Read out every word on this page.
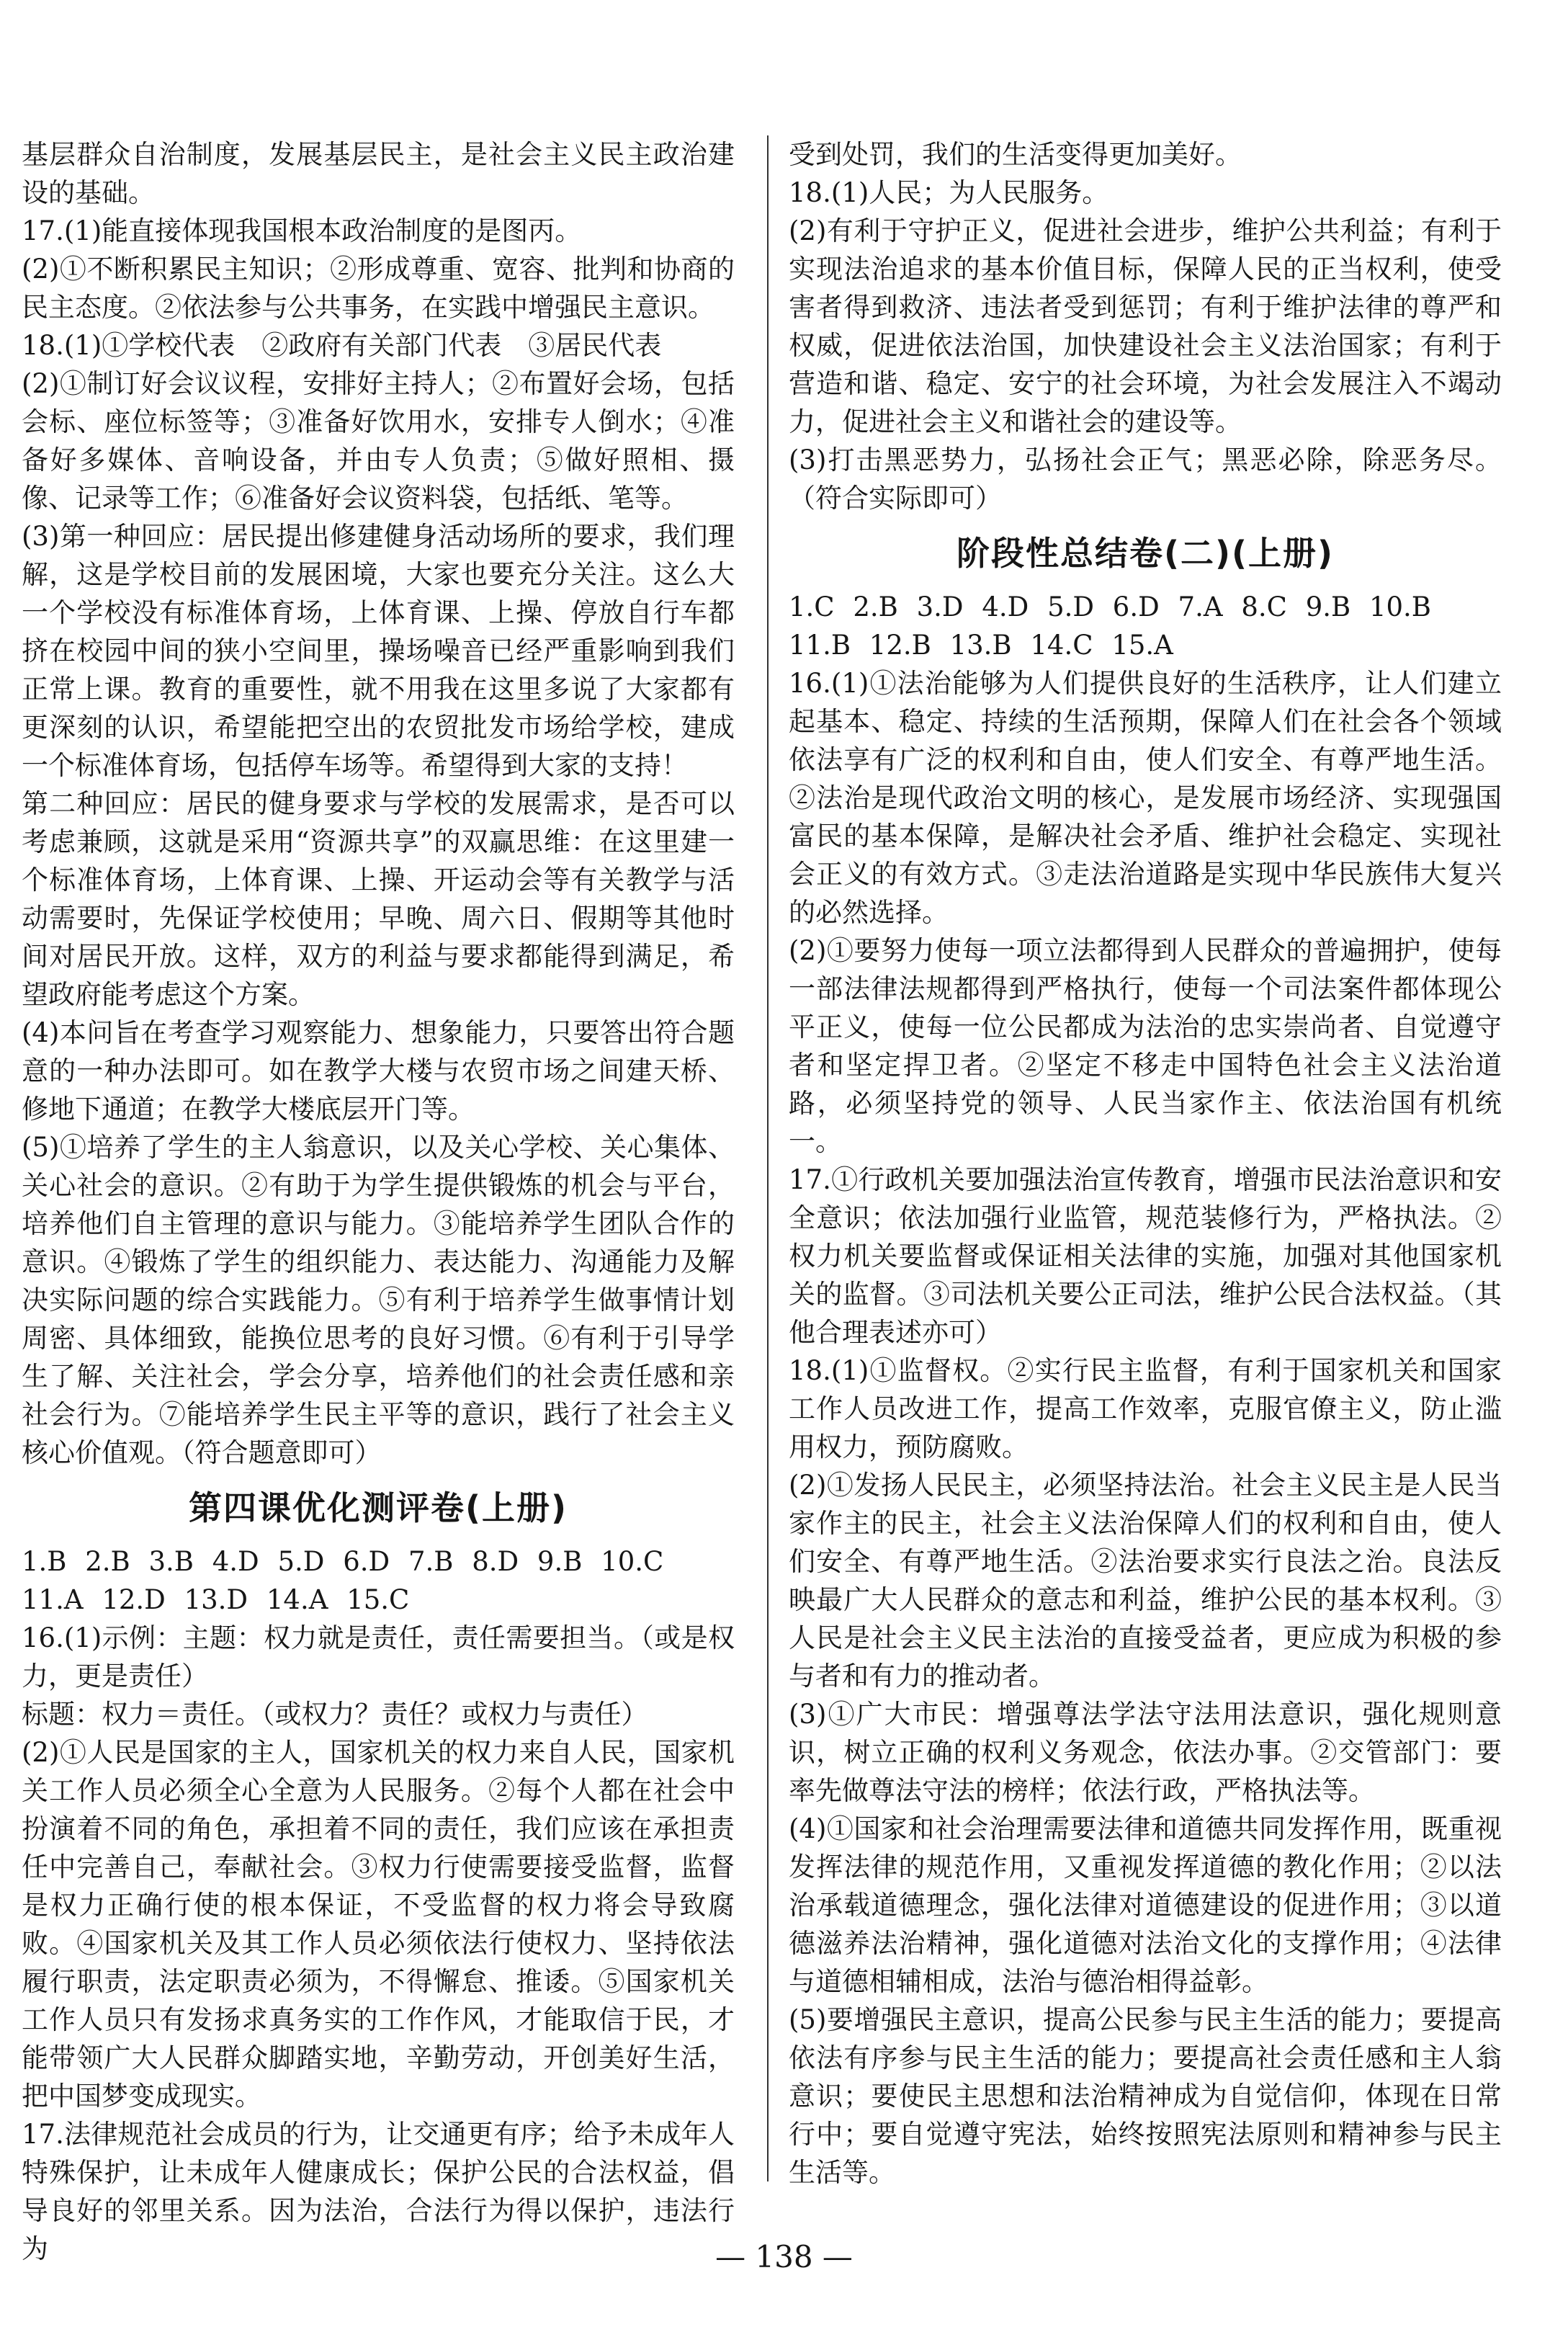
基层群众自治制度，发展基层民主，是社会主义民主政治建设的基础。
17.(1)能直接体现我国根本政治制度的是图丙。
(2)①不断积累民主知识；②形成尊重、宽容、批判和协商的民主态度。②依法参与公共事务，在实践中增强民主意识。
18.(1)①学校代表　②政府有关部门代表　③居民代表
(2)①制订好会议议程，安排好主持人；②布置好会场，包括会标、座位标签等；③准备好饮用水，安排专人倒水；④准备好多媒体、音响设备，并由专人负责；⑤做好照相、摄像、记录等工作；⑥准备好会议资料袋，包括纸、笔等。
(3)第一种回应：居民提出修建健身活动场所的要求，我们理解，这是学校目前的发展困境，大家也要充分关注。这么大一个学校没有标准体育场，上体育课、上操、停放自行车都挤在校园中间的狭小空间里，操场噪音已经严重影响到我们正常上课。教育的重要性，就不用我在这里多说了大家都有更深刻的认识，希望能把空出的农贸批发市场给学校，建成一个标准体育场，包括停车场等。希望得到大家的支持！
第二种回应：居民的健身要求与学校的发展需求，是否可以考虑兼顾，这就是采用“资源共享”的双赢思维：在这里建一个标准体育场，上体育课、上操、开运动会等有关教学与活动需要时，先保证学校使用；早晚、周六日、假期等其他时间对居民开放。这样，双方的利益与要求都能得到满足，希望政府能考虑这个方案。
(4)本问旨在考查学习观察能力、想象能力，只要答出符合题意的一种办法即可。如在教学大楼与农贸市场之间建天桥、修地下通道；在教学大楼底层开门等。
(5)①培养了学生的主人翁意识，以及关心学校、关心集体、关心社会的意识。②有助于为学生提供锻炼的机会与平台，培养他们自主管理的意识与能力。③能培养学生团队合作的意识。④锻炼了学生的组织能力、表达能力、沟通能力及解决实际问题的综合实践能力。⑤有利于培养学生做事情计划周密、具体细致，能换位思考的良好习惯。⑥有利于引导学生了解、关注社会，学会分享，培养他们的社会责任感和亲社会行为。⑦能培养学生民主平等的意识，践行了社会主义核心价值观。（符合题意即可）
第四课优化测评卷(上册)
1.B 2.B 3.B 4.D 5.D 6.D 7.B 8.D 9.B 10.C
11.A 12.D 13.D 14.A 15.C
16.(1)示例：主题：权力就是责任，责任需要担当。（或是权力，更是责任）
标题：权力＝责任。（或权力？责任？或权力与责任）
(2)①人民是国家的主人，国家机关的权力来自人民，国家机关工作人员必须全心全意为人民服务。②每个人都在社会中扮演着不同的角色，承担着不同的责任，我们应该在承担责任中完善自己，奉献社会。③权力行使需要接受监督，监督是权力正确行使的根本保证，不受监督的权力将会导致腐败。④国家机关及其工作人员必须依法行使权力、坚持依法履行职责，法定职责必须为，不得懈怠、推诿。⑤国家机关工作人员只有发扬求真务实的工作作风，才能取信于民，才能带领广大人民群众脚踏实地，辛勤劳动，开创美好生活，把中国梦变成现实。
17.法律规范社会成员的行为，让交通更有序；给予未成年人特殊保护，让未成年人健康成长；保护公民的合法权益，倡导良好的邻里关系。因为法治，合法行为得以保护，违法行为
受到处罚，我们的生活变得更加美好。
18.(1)人民；为人民服务。
(2)有利于守护正义，促进社会进步，维护公共利益；有利于实现法治追求的基本价值目标，保障人民的正当权利，使受害者得到救济、违法者受到惩罚；有利于维护法律的尊严和权威，促进依法治国，加快建设社会主义法治国家；有利于营造和谐、稳定、安宁的社会环境，为社会发展注入不竭动力，促进社会主义和谐社会的建设等。
(3)打击黑恶势力，弘扬社会正气；黑恶必除，除恶务尽。（符合实际即可）
阶段性总结卷(二)(上册)
1.C 2.B 3.D 4.D 5.D 6.D 7.A 8.C 9.B 10.B
11.B 12.B 13.B 14.C 15.A
16.(1)①法治能够为人们提供良好的生活秩序，让人们建立起基本、稳定、持续的生活预期，保障人们在社会各个领域依法享有广泛的权利和自由，使人们安全、有尊严地生活。②法治是现代政治文明的核心，是发展市场经济、实现强国富民的基本保障，是解决社会矛盾、维护社会稳定、实现社会正义的有效方式。③走法治道路是实现中华民族伟大复兴的必然选择。
(2)①要努力使每一项立法都得到人民群众的普遍拥护，使每一部法律法规都得到严格执行，使每一个司法案件都体现公平正义，使每一位公民都成为法治的忠实崇尚者、自觉遵守者和坚定捍卫者。②坚定不移走中国特色社会主义法治道路，必须坚持党的领导、人民当家作主、依法治国有机统一。
17.①行政机关要加强法治宣传教育，增强市民法治意识和安全意识；依法加强行业监管，规范装修行为，严格执法。②权力机关要监督或保证相关法律的实施，加强对其他国家机关的监督。③司法机关要公正司法，维护公民合法权益。（其他合理表述亦可）
18.(1)①监督权。②实行民主监督，有利于国家机关和国家工作人员改进工作，提高工作效率，克服官僚主义，防止滥用权力，预防腐败。
(2)①发扬人民民主，必须坚持法治。社会主义民主是人民当家作主的民主，社会主义法治保障人们的权利和自由，使人们安全、有尊严地生活。②法治要求实行良法之治。良法反映最广大人民群众的意志和利益，维护公民的基本权利。③人民是社会主义民主法治的直接受益者，更应成为积极的参与者和有力的推动者。
(3)①广大市民：增强尊法学法守法用法意识，强化规则意识，树立正确的权利义务观念，依法办事。②交管部门：要率先做尊法守法的榜样；依法行政，严格执法等。
(4)①国家和社会治理需要法律和道德共同发挥作用，既重视发挥法律的规范作用，又重视发挥道德的教化作用；②以法治承载道德理念，强化法律对道德建设的促进作用；③以道德滋养法治精神，强化道德对法治文化的支撑作用；④法律与道德相辅相成，法治与德治相得益彰。
(5)要增强民主意识，提高公民参与民主生活的能力；要提高依法有序参与民主生活的能力；要提高社会责任感和主人翁意识；要使民主思想和法治精神成为自觉信仰，体现在日常行中；要自觉遵守宪法，始终按照宪法原则和精神参与民主生活等。
— 138 —
